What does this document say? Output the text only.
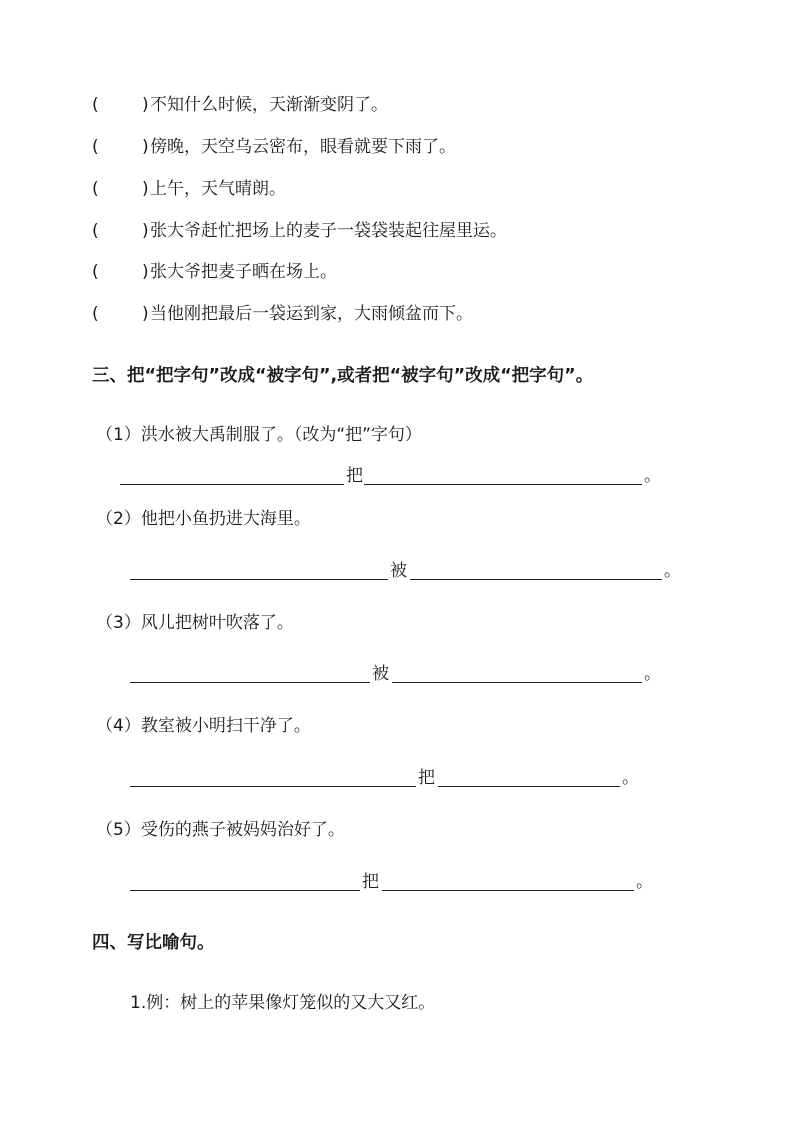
(	) 不知什么时候，天渐渐变阴了。
(	) 傍晚，天空乌云密布，眼看就要下雨了。
(	) 上午，天气晴朗。
(	) 张大爷赶忙把场上的麦子一袋袋装起往屋里运。
(	) 张大爷把麦子晒在场上。
(	) 当他刚把最后一袋运到家，大雨倾盆而下。
三、把“把字句”改成“被字句”,或者把“被字句”改成“把字句”。
（1）洪水被大禹制服了。（改为“把”字句）
把	。
（2）他把小鱼扔进大海里。
被	。
（3）风儿把树叶吹落了。
被	。
（4）教室被小明扫干净了。
把	。
（5）受伤的燕子被妈妈治好了。
把	。
四、写比喻句。
1.例：树上的苹果像灯笼似的又大又红。
